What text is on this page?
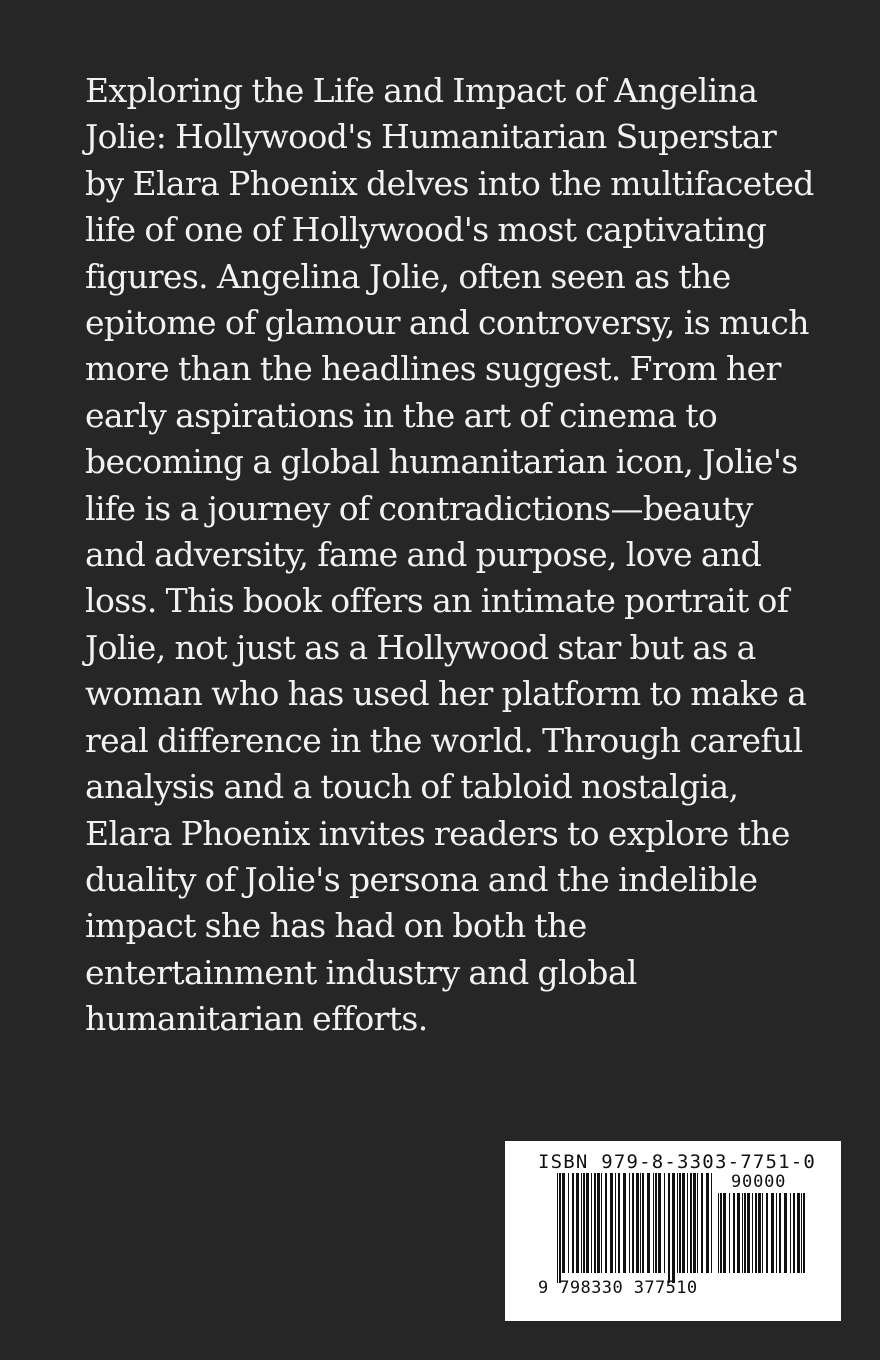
Exploring the Life and Impact of Angelina Jolie: Hollywood's Humanitarian Superstar by Elara Phoenix delves into the multifaceted life of one of Hollywood's most captivating figures. Angelina Jolie, often seen as the epitome of glamour and controversy, is much more than the headlines suggest. From her early aspirations in the art of cinema to becoming a global humanitarian icon, Jolie's life is a journey of contradictions—beauty and adversity, fame and purpose, love and loss. This book offers an intimate portrait of Jolie, not just as a Hollywood star but as a woman who has used her platform to make a real difference in the world. Through careful analysis and a touch of tabloid nostalgia, Elara Phoenix invites readers to explore the duality of Jolie's persona and the indelible impact she has had on both the entertainment industry and global humanitarian efforts.

ISBN 979-8-3303-7751-0
90000
9 798330 377510
